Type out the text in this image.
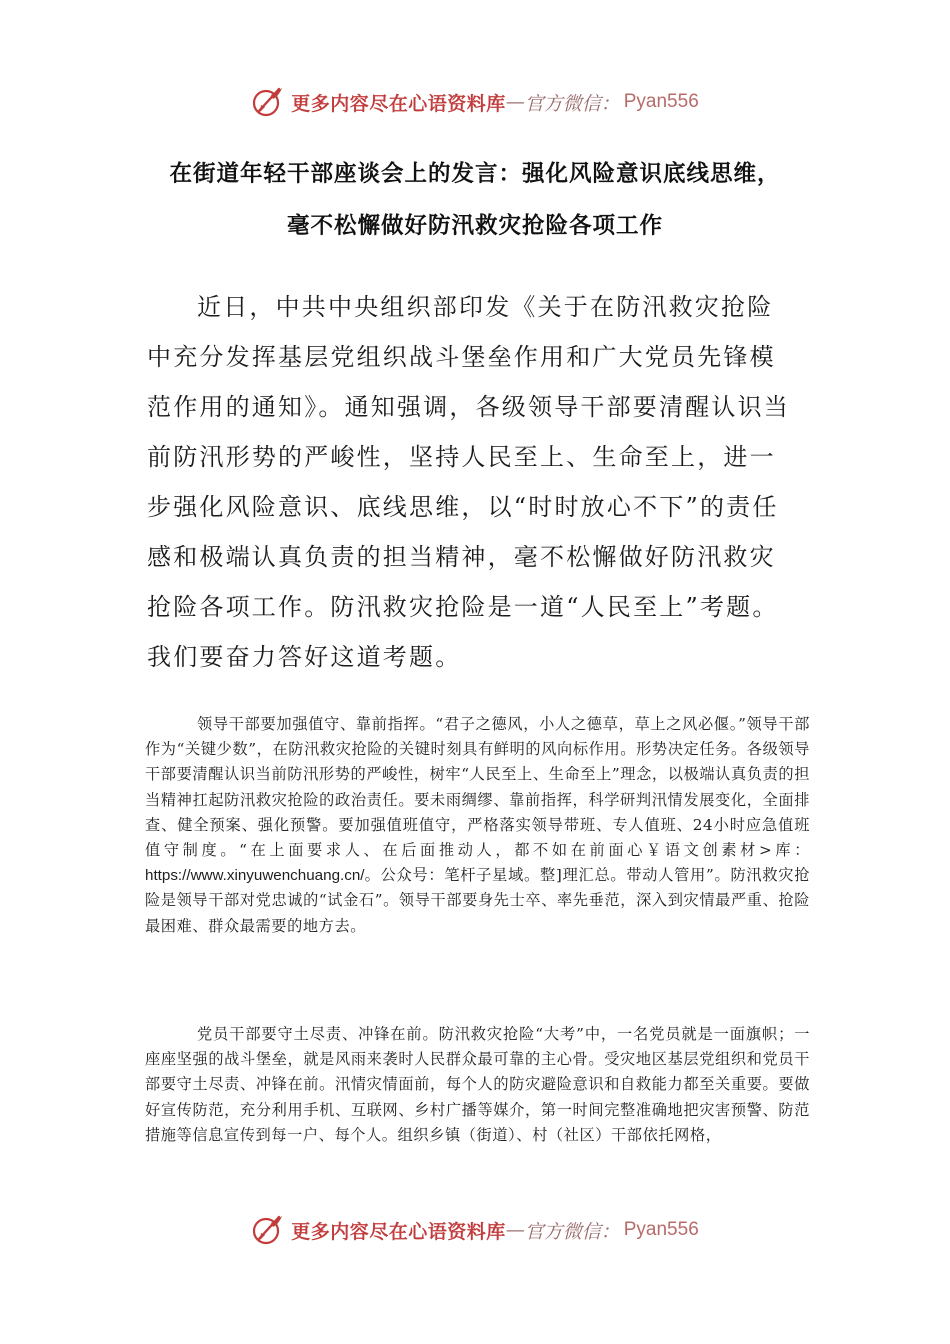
更多内容尽在心语资料库 — 官方微信： Pyan556
在街道年轻干部座谈会上的发言：强化风险意识底线思维，
毫不松懈做好防汛救灾抢险各项工作

近日，中共中央组织部印发《关于在防汛救灾抢险中充分发挥基层党组织战斗堡垒作用和广大党员先锋模范作用的通知》。通知强调，各级领导干部要清醒认识当前防汛形势的严峻性，坚持人民至上、生命至上，进一步强化风险意识、底线思维，以“时时放心不下”的责任感和极端认真负责的担当精神，毫不松懈做好防汛救灾抢险各项工作。防汛救灾抢险是一道“人民至上”考题。我们要奋力答好这道考题。

领导干部要加强值守、靠前指挥。“君子之德风，小人之德草，草上之风必偃。”领导干部作为“关键少数”，在防汛救灾抢险的关键时刻具有鲜明的风向标作用。形势决定任务。各级领导干部要清醒认识当前防汛形势的严峻性，树牢“人民至上、生命至上”理念，以极端认真负责的担当精神扛起防汛救灾抢险的政治责任。要未雨绸缪、靠前指挥，科学研判汛情发展变化，全面排查、健全预案、强化预警。要加强值班值守，严格落实领导带班、专人值班、24小时应急值班值守制度。“在上面要求人、在后面推动人，都不如在前面心￥语文创素材>库：https://www.xinyuwenchuang.cn/。公众号：笔杆子星域。整]理汇总。带动人管用”。防汛救灾抢险是领导干部对党忠诚的“试金石”。领导干部要身先士卒、率先垂范，深入到灾情最严重、抢险最困难、群众最需要的地方去。

党员干部要守土尽责、冲锋在前。防汛救灾抢险“大考”中，一名党员就是一面旗帜；一座座坚强的战斗堡垒，就是风雨来袭时人民群众最可靠的主心骨。受灾地区基层党组织和党员干部要守土尽责、冲锋在前。汛情灾情面前，每个人的防灾避险意识和自救能力都至关重要。要做好宣传防范，充分利用手机、互联网、乡村广播等媒介，第一时间完整准确地把灾害预警、防范措施等信息宣传到每一户、每个人。组织乡镇（街道）、村（社区）干部依托网格，

更多内容尽在心语资料库 — 官方微信： Pyan556
